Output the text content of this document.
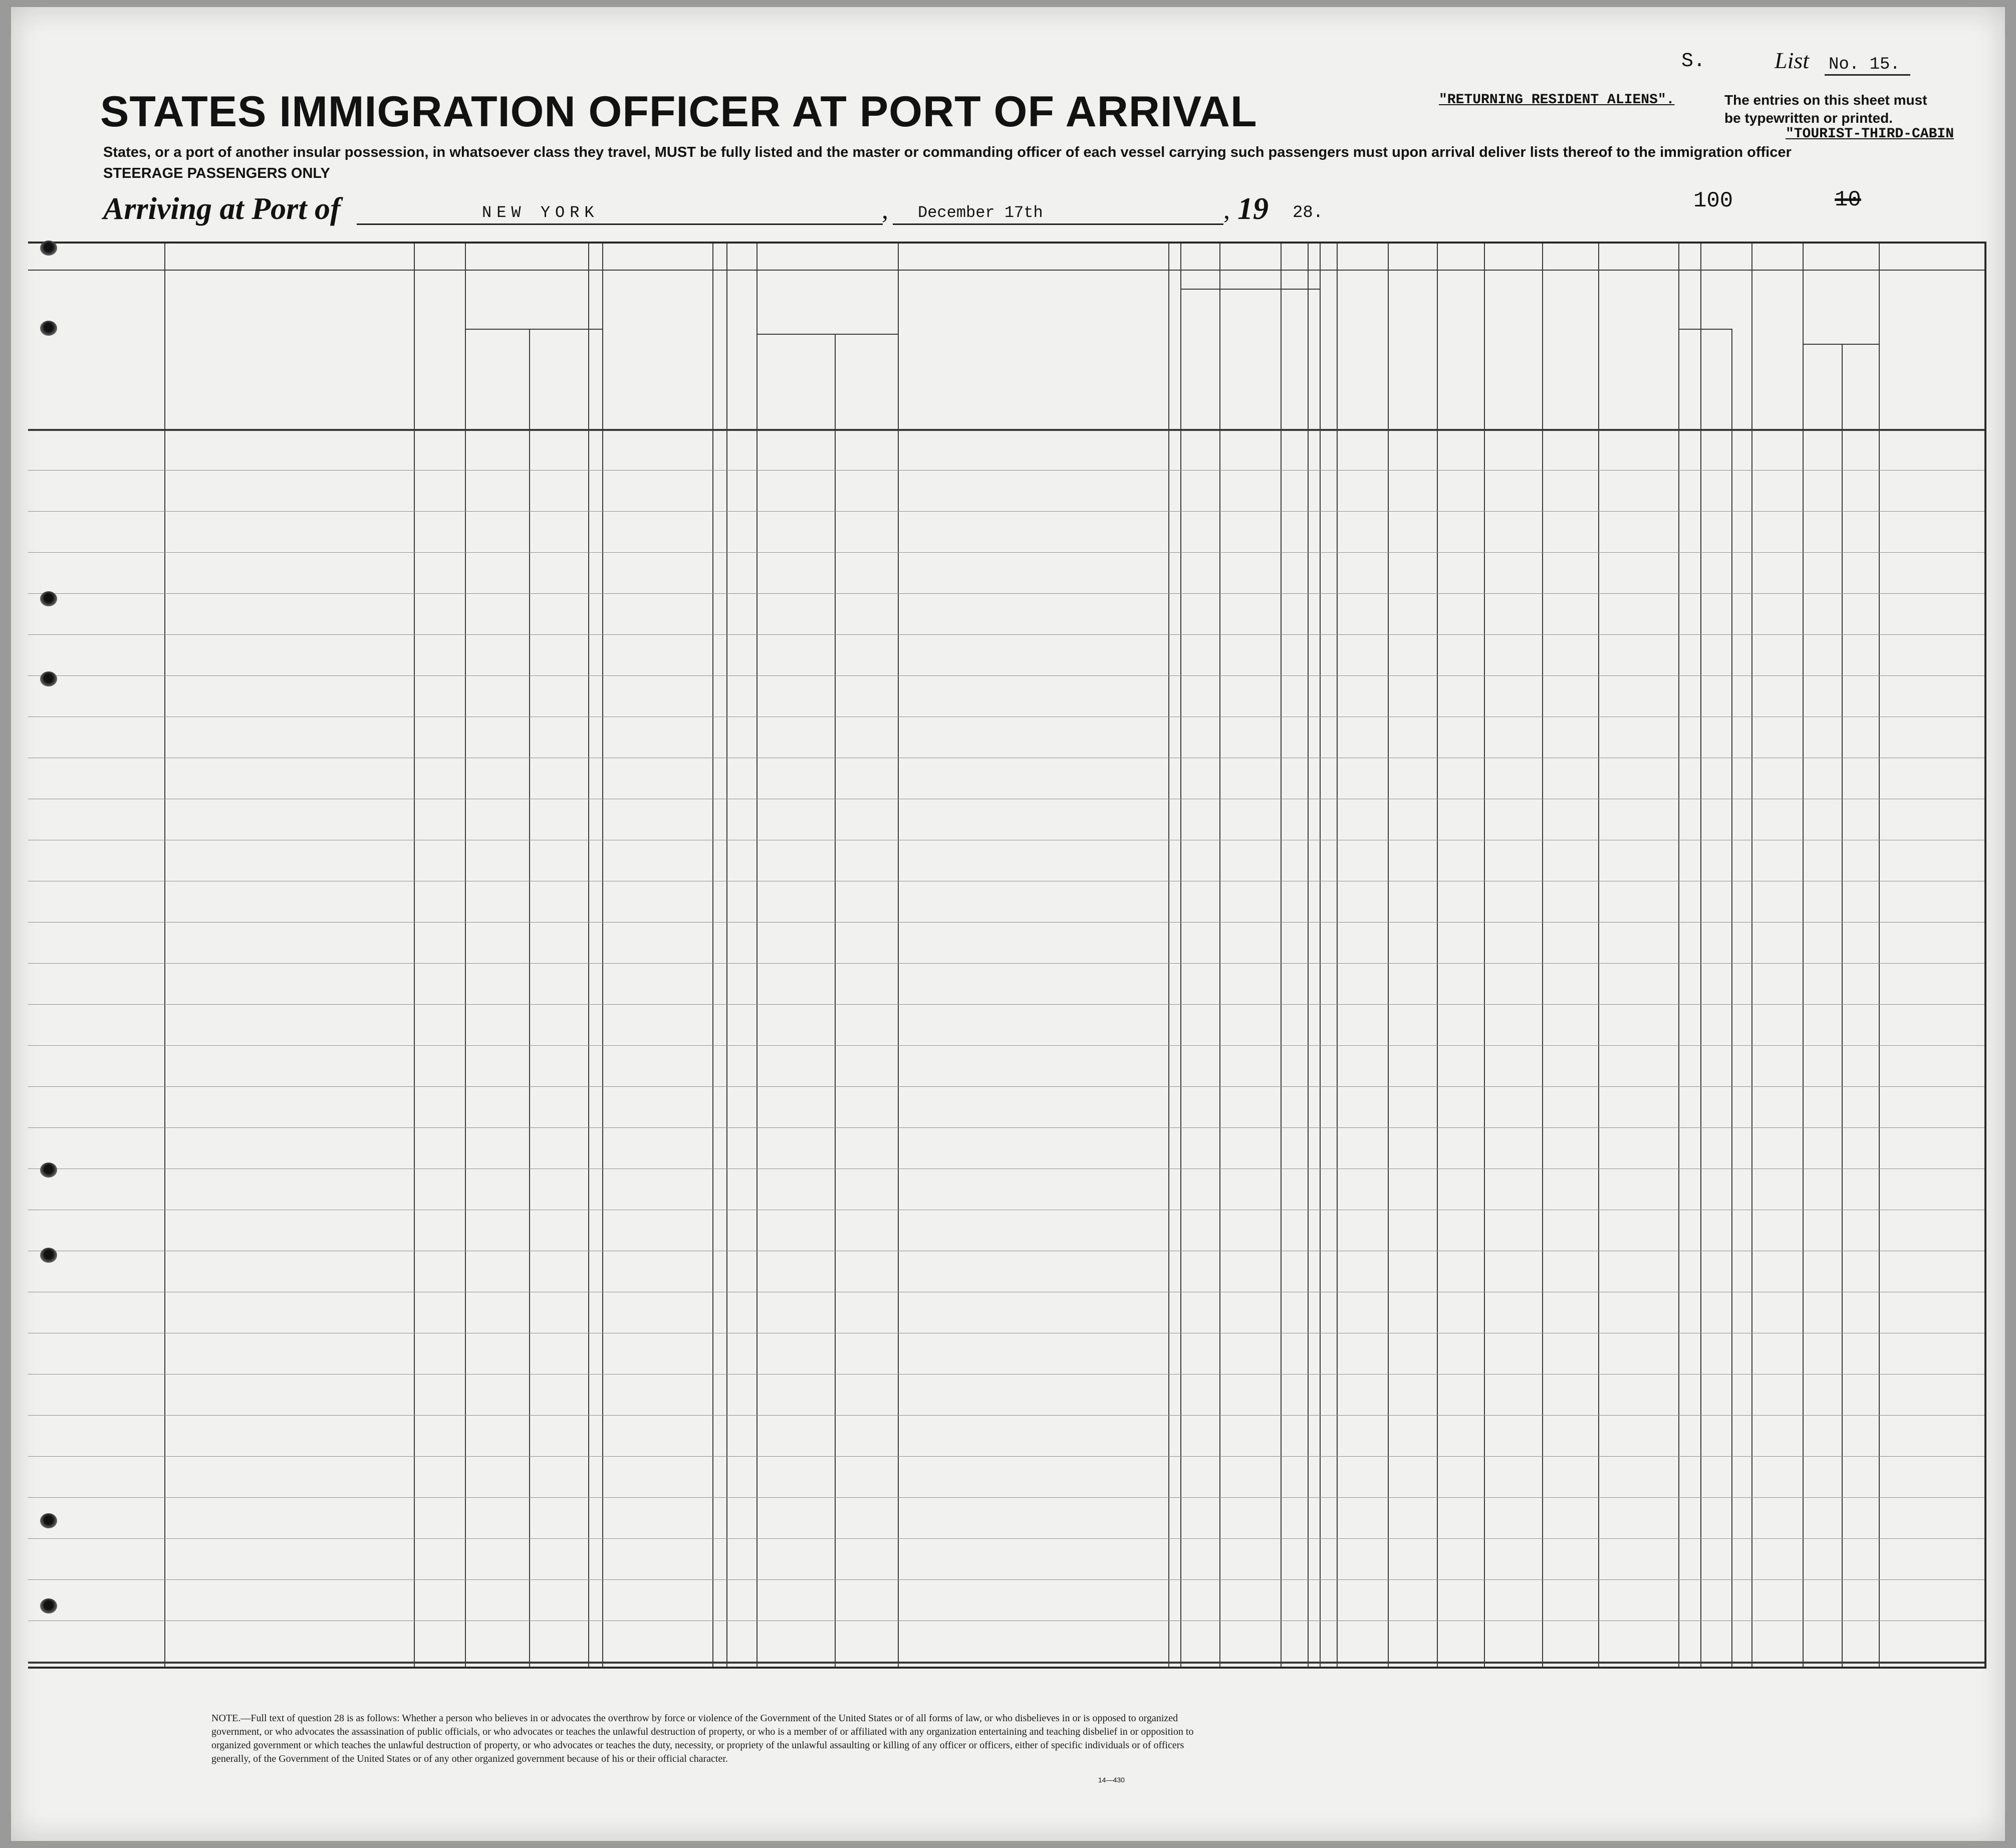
S.	List No. 15.
STATES IMMIGRATION OFFICER AT PORT OF ARRIVAL	"RETURNING RESIDENT ALIENS".	The entries on this sheet must
be typewritten or printed.
"TOURIST-THIRD-CABIN
States, or a port of another insular possession, in whatsoever class they travel, MUST be fully listed and the master or commanding officer of each vessel carrying such passengers must upon arrival deliver lists thereof to the immigration officer
STEERAGE PASSENGERS ONLY
Arriving at Port of	NEW YORK	, December 17th	, 19 28.	100	10
NOTE.—Full text of question 28 is as follows: Whether a person who believes in or advocates the overthrow by force or violence of the Government of the United States or of all forms of law, or who disbelieves in or is opposed to organized government, or who advocates the assassination of public officials, or who advocates or teaches the unlawful destruction of property, or who is a member of or affiliated with any organization entertaining and teaching disbelief in or opposition to organized government or which teaches the unlawful destruction of property, or who advocates or teaches the duty, necessity, or propriety of the unlawful assaulting or killing of any officer or officers, either of specific individuals or of officers generally, of the Government of the United States or of any other organized government because of his or their official character.
14—430
